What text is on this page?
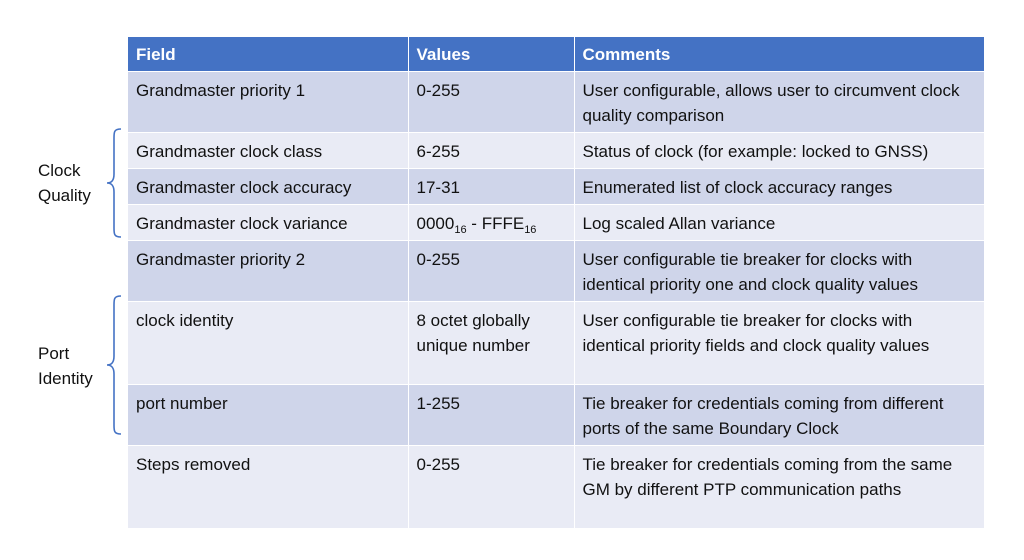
Clock
Quality
Port
Identity
Field	Values	Comments
Grandmaster priority 1	0-255	User configurable, allows user to circumvent clock quality comparison
Grandmaster clock class	6-255	Status of clock (for example: locked to GNSS)
Grandmaster clock accuracy	17-31	Enumerated list of clock accuracy ranges
Grandmaster clock variance	$0000_{16}$ - $FFFE_{16}$	Log scaled Allan variance
Grandmaster priority 2	0-255	User configurable tie breaker for clocks with identical priority one and clock quality values
clock identity	8 octet globally unique number	User configurable tie breaker for clocks with identical priority fields and clock quality values
port number	1-255	Tie breaker for credentials coming from different ports of the same Boundary Clock
Steps removed	0-255	Tie breaker for credentials coming from the same GM by different PTP communication paths
